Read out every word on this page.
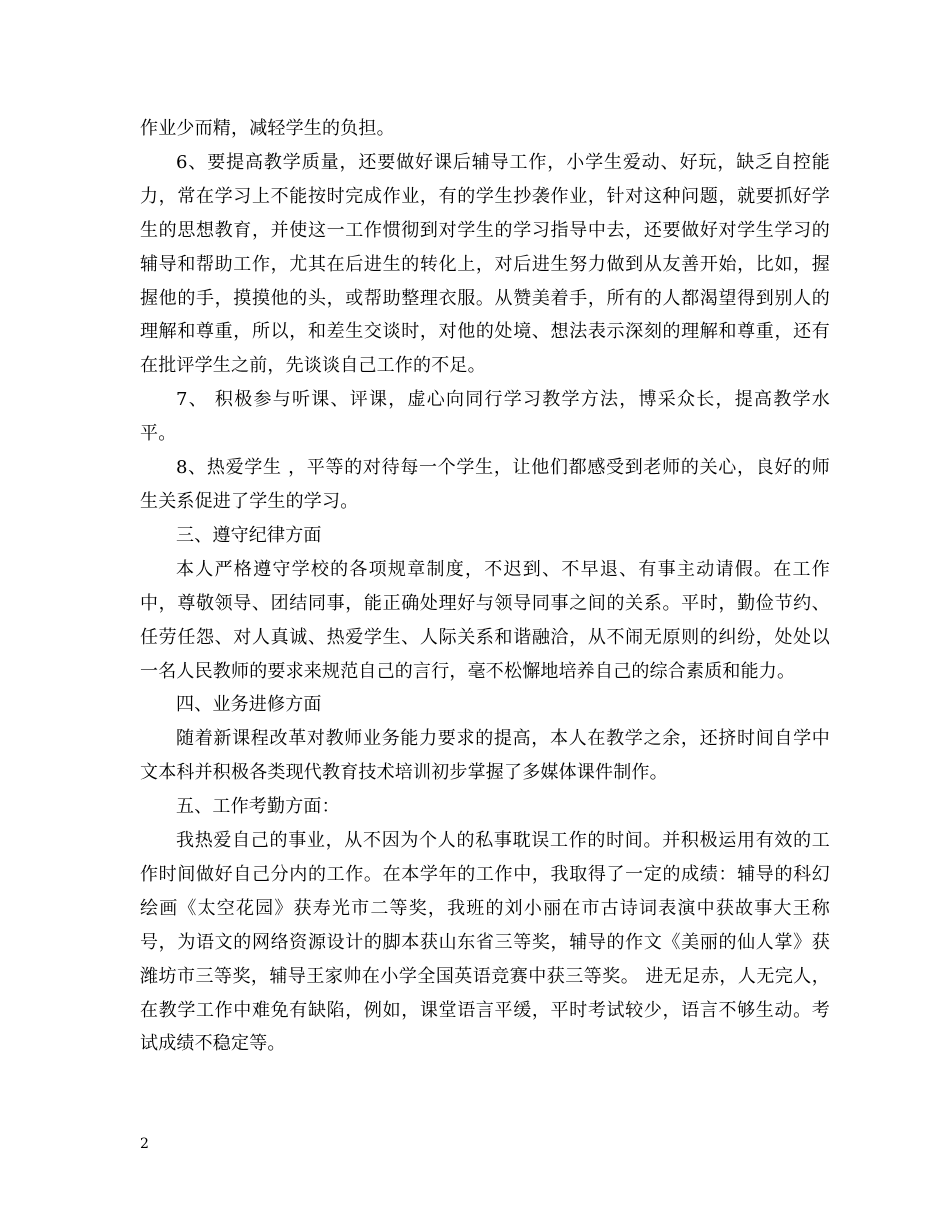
作业少而精，减轻学生的负担。

6、要提高教学质量，还要做好课后辅导工作，小学生爱动、好玩，缺乏自控能力，常在学习上不能按时完成作业，有的学生抄袭作业，针对这种问题，就要抓好学生的思想教育，并使这一工作惯彻到对学生的学习指导中去，还要做好对学生学习的辅导和帮助工作，尤其在后进生的转化上，对后进生努力做到从友善开始，比如，握握他的手，摸摸他的头，或帮助整理衣服。从赞美着手，所有的人都渴望得到别人的理解和尊重，所以，和差生交谈时，对他的处境、想法表示深刻的理解和尊重，还有在批评学生之前，先谈谈自己工作的不足。

7、 积极参与听课、评课，虚心向同行学习教学方法，博采众长，提高教学水平。

8、热爱学生 ，平等的对待每一个学生，让他们都感受到老师的关心，良好的师生关系促进了学生的学习。

三、遵守纪律方面

本人严格遵守学校的各项规章制度，不迟到、不早退、有事主动请假。在工作中，尊敬领导、团结同事，能正确处理好与领导同事之间的关系。平时，勤俭节约、任劳任怨、对人真诚、热爱学生、人际关系和谐融洽，从不闹无原则的纠纷，处处以一名人民教师的要求来规范自己的言行，毫不松懈地培养自己的综合素质和能力。

四、业务进修方面

随着新课程改革对教师业务能力要求的提高，本人在教学之余，还挤时间自学中文本科并积极各类现代教育技术培训初步掌握了多媒体课件制作。

五、工作考勤方面：

我热爱自己的事业，从不因为个人的私事耽误工作的时间。并积极运用有效的工作时间做好自己分内的工作。在本学年的工作中，我取得了一定的成绩：辅导的科幻绘画《太空花园》获寿光市二等奖，我班的刘小丽在市古诗词表演中获故事大王称号，为语文的网络资源设计的脚本获山东省三等奖，辅导的作文《美丽的仙人掌》获潍坊市三等奖，辅导王家帅在小学全国英语竞赛中获三等奖。 进无足赤，人无完人，在教学工作中难免有缺陷，例如，课堂语言平缓，平时考试较少，语言不够生动。考试成绩不稳定等。

2
